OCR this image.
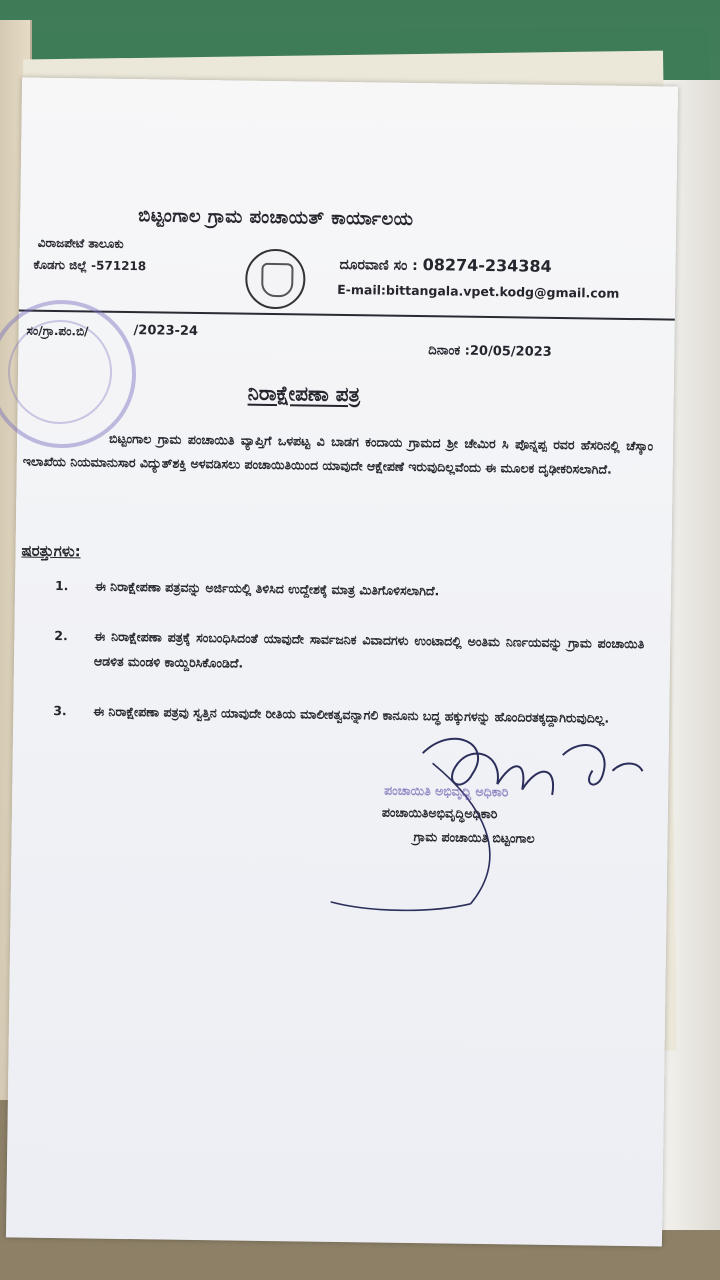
ಬಿಟ್ಟಂಗಾಲ ಗ್ರಾಮ ಪಂಚಾಯತ್ ಕಾರ್ಯಾಲಯ
ವಿರಾಜಪೇಟೆ ತಾಲೂಕು
ಕೊಡಗು ಜಿಲ್ಲೆ -571218	ದೂರವಾಣಿ ಸಂ : 08274-234384
E-mail:bittangala.vpet.kodg@gmail.com
ಸಂ/ಗ್ರಾ.ಪಂ.ಬಿ/	/2023-24
ದಿನಾಂಕ :20/05/2023
ನಿರಾಕ್ಷೇಪಣಾ ಪತ್ರ
ಬಿಟ್ಟಂಗಾಲ ಗ್ರಾಮ ಪಂಚಾಯಿತಿ ವ್ಯಾಪ್ತಿಗೆ ಒಳಪಟ್ಟ ವಿ ಬಾಡಗ ಕಂದಾಯ ಗ್ರಾಮದ ಶ್ರೀ ಚೇಮಿರ ಸಿ ಪೊನ್ನಪ್ಪ ರವರ ಹೆಸರಿನಲ್ಲಿ ಚೆಸ್ಕಾಂ ಇಲಾಖೆಯ ನಿಯಮಾನುಸಾರ ವಿದ್ಯುತ್‌ಶಕ್ತಿ ಅಳವಡಿಸಲು ಪಂಚಾಯಿತಿಯಿಂದ ಯಾವುದೇ ಆಕ್ಷೇಪಣೆ ಇರುವುದಿಲ್ಲವೆಂದು ಈ ಮೂಲಕ ದೃಢೀಕರಿಸಲಾಗಿದೆ.
ಷರತ್ತುಗಳು:
1. ಈ ನಿರಾಕ್ಷೇಪಣಾ ಪತ್ರವನ್ನು ಅರ್ಜಿಯಲ್ಲಿ ತಿಳಿಸಿದ ಉದ್ದೇಶಕ್ಕೆ ಮಾತ್ರ ಮಿತಿಗೊಳಿಸಲಾಗಿದೆ.
2. ಈ ನಿರಾಕ್ಷೇಪಣಾ ಪತ್ರಕ್ಕೆ ಸಂಬಂಧಿಸಿದಂತೆ ಯಾವುದೇ ಸಾರ್ವಜನಿಕ ವಿವಾದಗಳು ಉಂಟಾದಲ್ಲಿ ಅಂತಿಮ ನಿರ್ಣಯವನ್ನು ಗ್ರಾಮ ಪಂಚಾಯಿತಿ ಆಡಳಿತ ಮಂಡಳಿ ಕಾಯ್ದಿರಿಸಿಕೊಂಡಿದೆ.
3. ಈ ನಿರಾಕ್ಷೇಪಣಾ ಪತ್ರವು ಸ್ವತ್ತಿನ ಯಾವುದೇ ರೀತಿಯ ಮಾಲೀಕತ್ವವನ್ನಾಗಲಿ ಕಾನೂನು ಬದ್ಧ ಹಕ್ಕುಗಳನ್ನು ಹೊಂದಿರತಕ್ಕದ್ದಾಗಿರುವುದಿಲ್ಲ.
ಪಂಚಾಯಿತಿ ಅಭಿವೃದ್ಧಿ ಅಧಿಕಾರಿ
ಪಂಚಾಯಿತಿಅಭಿವೃದ್ಧಿಅಧಿಕಾರಿ
ಗ್ರಾಮ ಪಂಚಾಯಿತಿ ಬಿಟ್ಟಂಗಾಲ
